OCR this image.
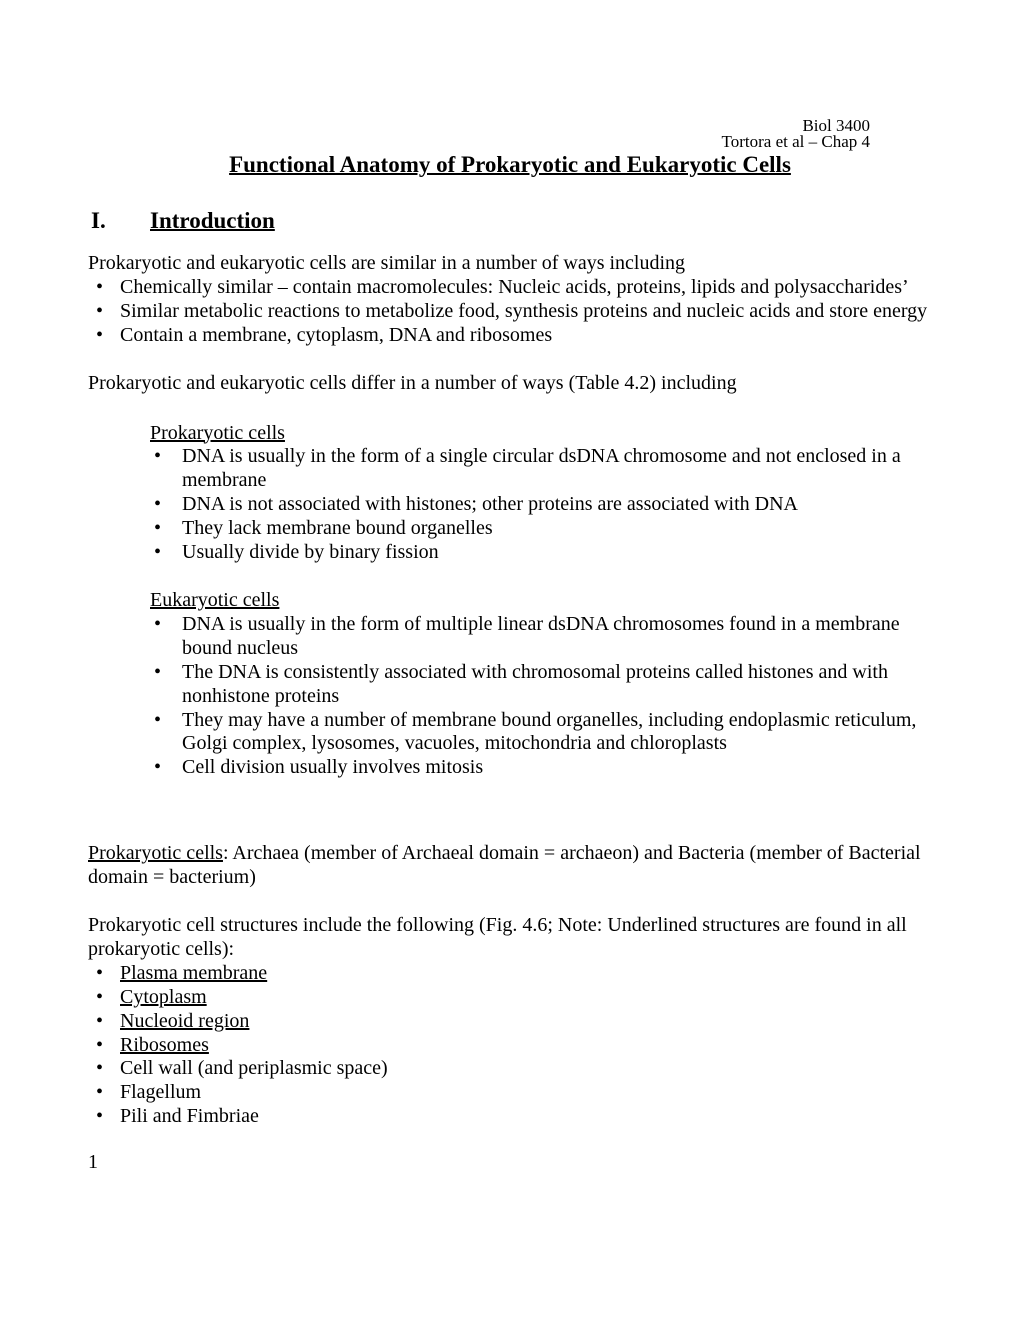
Biol 3400
Tortora et al – Chap 4
Functional Anatomy of Prokaryotic and Eukaryotic Cells
I. Introduction

Prokaryotic and eukaryotic cells are similar in a number of ways including

• Chemically similar – contain macromolecules: Nucleic acids, proteins, lipids and polysaccharides’
• Similar metabolic reactions to metabolize food, synthesis proteins and nucleic acids and store energy
• Contain a membrane, cytoplasm, DNA and ribosomes

Prokaryotic and eukaryotic cells differ in a number of ways (Table 4.2) including

Prokaryotic cells

• DNA is usually in the form of a single circular dsDNA chromosome and not enclosed in a membrane
• DNA is not associated with histones; other proteins are associated with DNA
• They lack membrane bound organelles
• Usually divide by binary fission

Eukaryotic cells

• DNA is usually in the form of multiple linear dsDNA chromosomes found in a membrane bound nucleus
• The DNA is consistently associated with chromosomal proteins called histones and with nonhistone proteins
• They may have a number of membrane bound organelles, including endoplasmic reticulum, Golgi complex, lysosomes, vacuoles, mitochondria and chloroplasts
• Cell division usually involves mitosis

Prokaryotic cells: Archaea (member of Archaeal domain = archaeon) and Bacteria (member of Bacterial domain = bacterium)

Prokaryotic cell structures include the following (Fig. 4.6; Note: Underlined structures are found in all prokaryotic cells):

• Plasma membrane
• Cytoplasm
• Nucleoid region
• Ribosomes
• Cell wall (and periplasmic space)
• Flagellum
• Pili and Fimbriae

1
